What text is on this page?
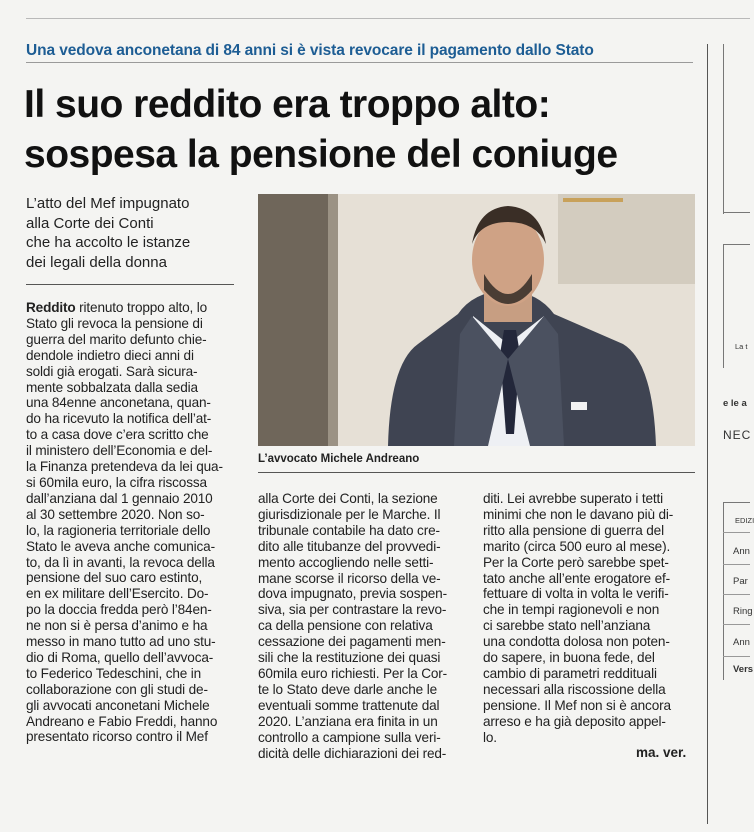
Una vedova anconetana di 84 anni si è vista revocare il pagamento dallo Stato
Il suo reddito era troppo alto:
sospesa la pensione del coniuge
L’atto del Mef impugnato
alla Corte dei Conti
che ha accolto le istanze
dei legali della donna
L’avvocato Michele Andreano
Reddito ritenuto troppo alto, lo
Stato gli revoca la pensione di
guerra del marito defunto chie-
dendole indietro dieci anni di
soldi già erogati. Sarà sicura-
mente sobbalzata dalla sedia
una 84enne anconetana, quan-
do ha ricevuto la notifica dell’at-
to a casa dove c’era scritto che
il ministero dell’Economia e del-
la Finanza pretendeva da lei qua-
si 60mila euro, la cifra riscossa
dall’anziana dal 1 gennaio 2010
al 30 settembre 2020. Non so-
lo, la ragioneria territoriale dello
Stato le aveva anche comunica-
to, da lì in avanti, la revoca della
pensione del suo caro estinto,
en ex militare dell’Esercito. Do-
po la doccia fredda però l’84en-
ne non si è persa d’animo e ha
messo in mano tutto ad uno stu-
dio di Roma, quello dell’avvoca-
to Federico Tedeschini, che in
collaborazione con gli studi de-
gli avvocati anconetani Michele
Andreano e Fabio Freddi, hanno
presentato ricorso contro il Mef
alla Corte dei Conti, la sezione
giurisdizionale per le Marche. Il
tribunale contabile ha dato cre-
dito alle titubanze del provvedi-
mento accogliendo nelle setti-
mane scorse il ricorso della ve-
dova impugnato, previa sospen-
siva, sia per contrastare la revo-
ca della pensione con relativa
cessazione dei pagamenti men-
sili che la restituzione dei quasi
60mila euro richiesti. Per la Cor-
te lo Stato deve darle anche le
eventuali somme trattenute dal
2020. L’anziana era finita in un
controllo a campione sulla veri-
dicità delle dichiarazioni dei red-
diti. Lei avrebbe superato i tetti
minimi che non le davano più di-
ritto alla pensione di guerra del
marito (circa 500 euro al mese).
Per la Corte però sarebbe spet-
tato anche all’ente erogatore ef-
fettuare di volta in volta le verifi-
che in tempi ragionevoli e non
ci sarebbe stato nell’anziana
una condotta dolosa non poten-
do sapere, in buona fede, del
cambio di parametri reddituali
necessari alla riscossione della
pensione. Il Mef non si è ancora
arreso e ha già deposito appel-
lo.
ma. ver.
La t
e le a
NEC
EDIZI
Ann
Par
Ring
Ann
Vers
